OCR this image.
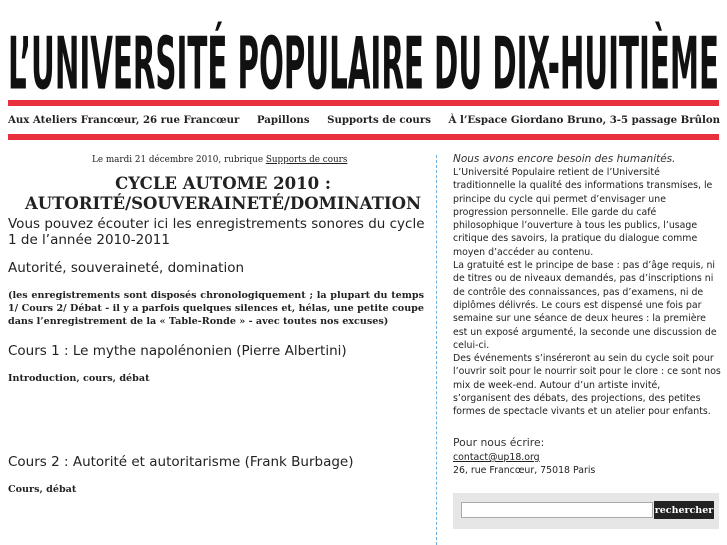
L’UNIVERSITÉ POPULAIRE DU DIX-HUITIÈME
Aux Ateliers Francœur, 26 rue Francœur Papillons Supports de cours À l’Espace Giordano Bruno, 3-5 passage Brûlon
Le mardi 21 décembre 2010, rubrique Supports de cours
CYCLE AUTOME 2010 :
AUTORITÉ/SOUVERAINETÉ/DOMINATION
Vous pouvez écouter ici les enregistrements sonores du cycle 1 de l’année 2010-2011
Autorité, souveraineté, domination
(les enregistrements sont disposés chronologiquement ; la plupart du temps 1/ Cours 2/ Débat - il y a parfois quelques silences et, hélas, une petite coupe dans l’enregistrement de la « Table-Ronde » - avec toutes nos excuses)
Cours 1 : Le mythe napolénonien (Pierre Albertini)
Introduction, cours, débat
Cours 2 : Autorité et autoritarisme (Frank Burbage)
Cours, débat

Nous avons encore besoin des humanités.

L’Université Populaire retient de l’Université traditionnelle la qualité des informations transmises, le principe du cycle qui permet d’envisager une progression personnelle. Elle garde du café philosophique l’ouverture à tous les publics, l’usage critique des savoirs, la pratique du dialogue comme moyen d’accéder au contenu.

La gratuité est le principe de base : pas d’âge requis, ni de titres ou de niveaux demandés, pas d’inscriptions ni de contrôle des connaissances, pas d’examens, ni de diplômes délivrés. Le cours est dispensé une fois par semaine sur une séance de deux heures : la première est un exposé argumenté, la seconde une discussion de celui-ci.

Des événements s’inséreront au sein du cycle soit pour l’ouvrir soit pour le nourrir soit pour le clore : ce sont nos mix de week-end. Autour d’un artiste invité, s’organisent des débats, des projections, des petites formes de spectacle vivants et un atelier pour enfants.

Pour nous écrire:
contact@up18.org
26, rue Francœur, 75018 Paris
rechercher
